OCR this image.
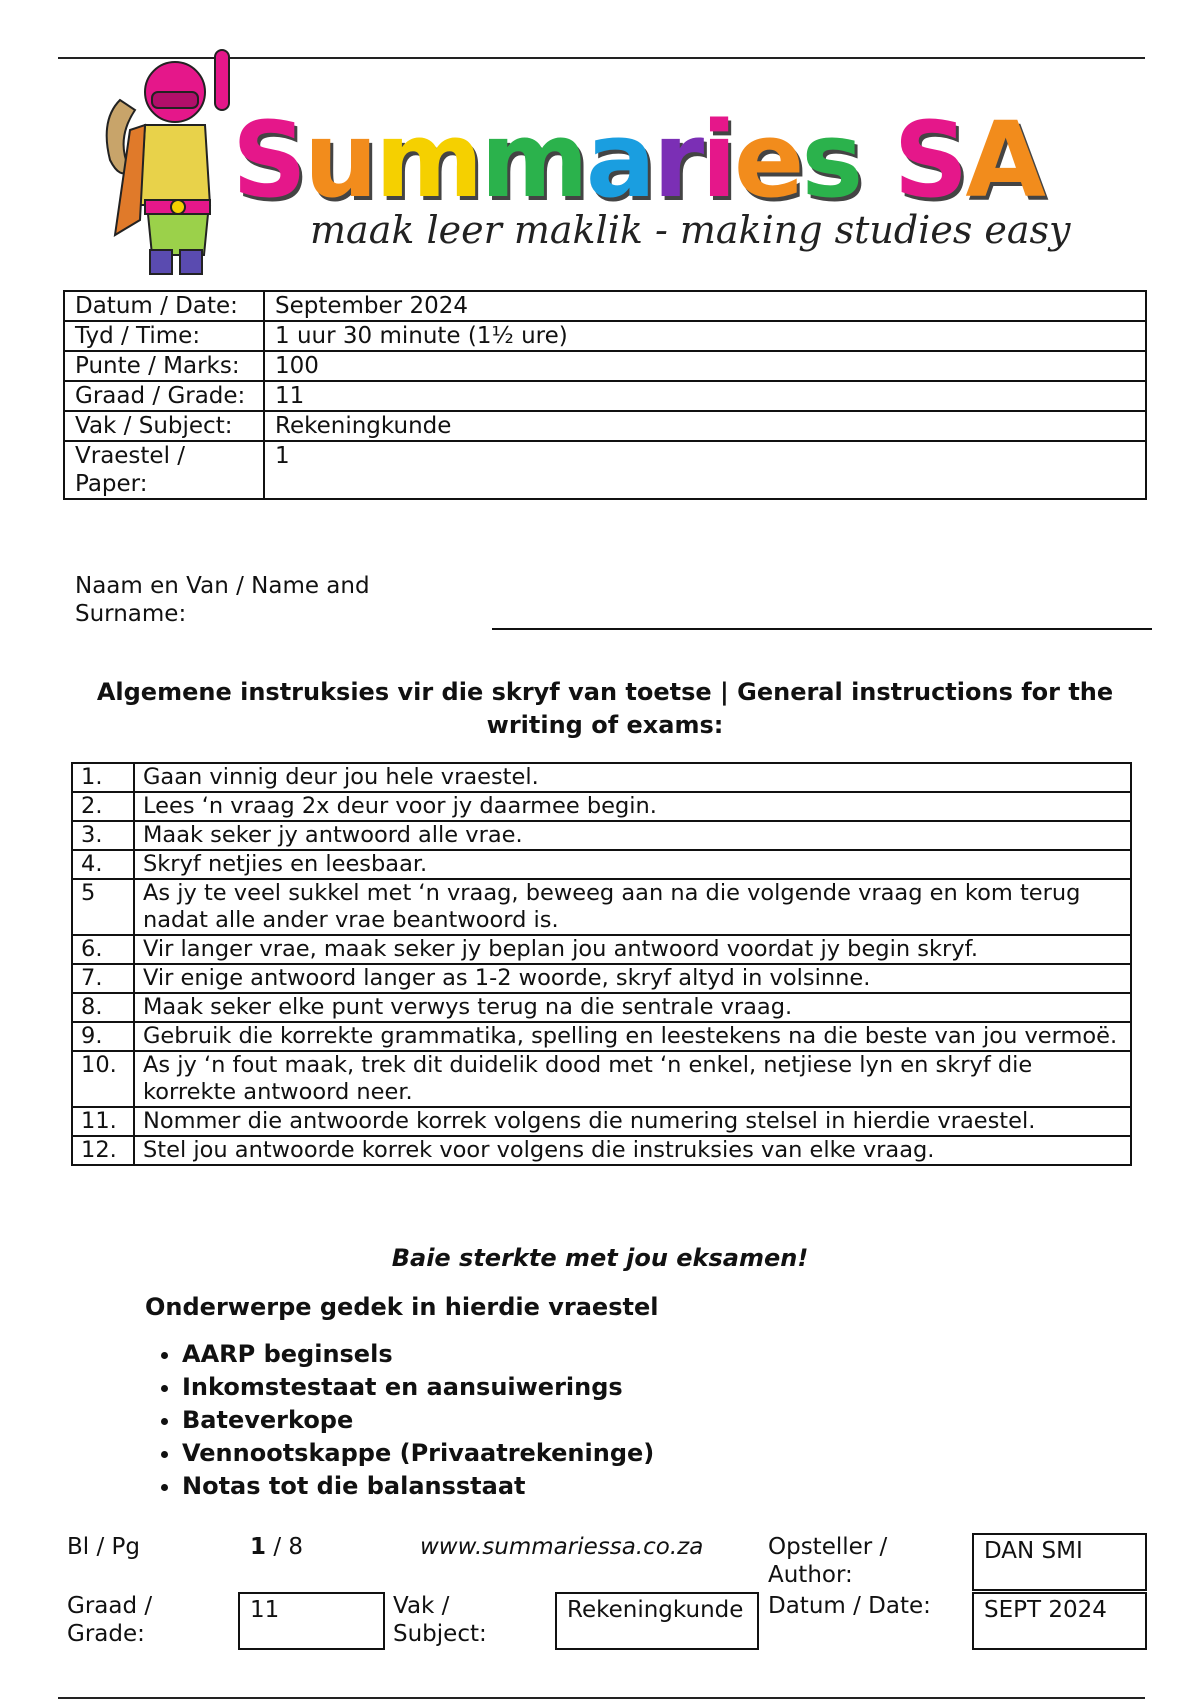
Summaries SA
maak leer maklik - making studies easy
Datum / Date:	September 2024
Tyd / Time:	1 uur 30 minute (1½ ure)
Punte / Marks:	100
Graad / Grade:	11
Vak / Subject:	Rekeningkunde
Vraestel / Paper:	1
Naam en Van / Name and Surname:
Algemene instruksies vir die skryf van toetse | General instructions for the writing of exams:
1.	Gaan vinnig deur jou hele vraestel.
2.	Lees ‘n vraag 2x deur voor jy daarmee begin.
3.	Maak seker jy antwoord alle vrae.
4.	Skryf netjies en leesbaar.
5	As jy te veel sukkel met ‘n vraag, beweeg aan na die volgende vraag en kom terug nadat alle ander vrae beantwoord is.
6.	Vir langer vrae, maak seker jy beplan jou antwoord voordat jy begin skryf.
7.	Vir enige antwoord langer as 1-2 woorde, skryf altyd in volsinne.
8.	Maak seker elke punt verwys terug na die sentrale vraag.
9.	Gebruik die korrekte grammatika, spelling en leestekens na die beste van jou vermoë.
10.	As jy ‘n fout maak, trek dit duidelik dood met ‘n enkel, netjiese lyn en skryf die korrekte antwoord neer.
11.	Nommer die antwoorde korrek volgens die numering stelsel in hierdie vraestel.
12.	Stel jou antwoorde korrek voor volgens die instruksies van elke vraag.
Baie sterkte met jou eksamen!
Onderwerpe gedek in hierdie vraestel
• AARP beginsels
• Inkomstestaat en aansuiwerings
• Bateverkope
• Vennootskappe (Privaatrekeninge)
• Notas tot die balansstaat
Bl / Pg	1 / 8	www.summariessa.co.za	Opsteller / Author:
DAN SMI
Graad / Grade:
11	Vak / Subject:
Rekeningkunde	Datum / Date:	SEPT 2024
